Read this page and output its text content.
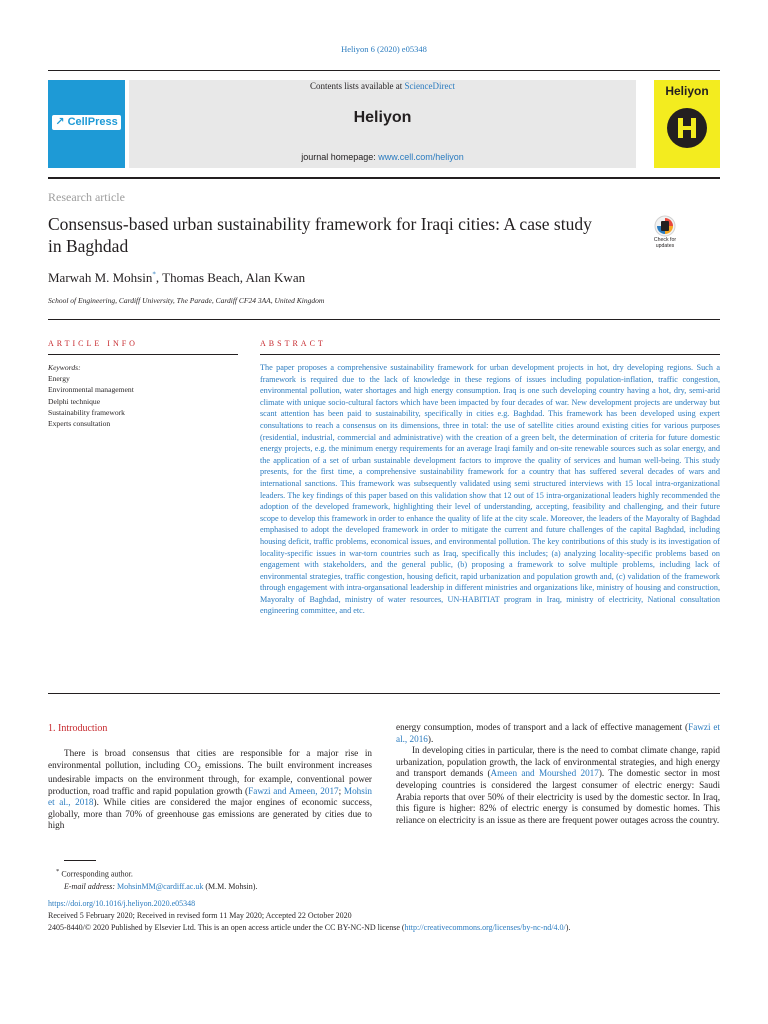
Heliyon 6 (2020) e05348
↗ CellPress
Contents lists available at ScienceDirect
Heliyon
journal homepage: www.cell.com/heliyon
Heliyon
Research article
Consensus-based urban sustainability framework for Iraqi cities: A case study in Baghdad	Check for updates
Marwah M. Mohsin*, Thomas Beach, Alan Kwan
School of Engineering, Cardiff University, The Parade, Cardiff CF24 3AA, United Kingdom
ARTICLE INFO	ABSTRACT
Keywords:
Energy
Environmental management
Delphi technique
Sustainability framework
Experts consultation
The paper proposes a comprehensive sustainability framework for urban development projects in hot, dry developing regions. Such a framework is required due to the lack of knowledge in these regions of issues including population-inflation, traffic congestion, environmental pollution, water shortages and high energy consumption. Iraq is one such developing country having a hot, dry, semi-arid climate with unique socio-cultural factors which have been impacted by four decades of war. New development projects are underway but scant attention has been paid to sustainability, specifically in cities e.g. Baghdad. This framework has been developed using expert consultations to reach a consensus on its dimensions, three in total: the use of satellite cities around existing cities for various purposes (residential, industrial, commercial and administrative) with the creation of a green belt, the determination of criteria for future domestic energy projects, e.g. the minimum energy requirements for an average Iraqi family and on-site renewable sources such as solar energy, and the application of a set of urban sustainable development factors to improve the quality of services and human well-being. This study presents, for the first time, a comprehensive sustainability framework for a country that has suffered several decades of wars and international sanctions. This framework was subsequently validated using semi structured interviews with 15 local intra-organizational leaders. The key findings of this paper based on this validation show that 12 out of 15 intra-organizational leaders highly recommended the adoption of the developed framework, highlighting their level of understanding, accepting, feasibility and challenging, and their future scope to develop this framework in order to enhance the quality of life at the city scale. Moreover, the leaders of the Mayoralty of Baghdad emphasised to adopt the developed framework in order to mitigate the current and future challenges of the capital Baghdad, including housing deficit, traffic problems, economical issues, and environmental pollution. The key contributions of this study is its investigation of locality-specific issues in war-torn countries such as Iraq, specifically this includes; (a) analyzing locality-specific problems based on engagement with stakeholders, and the general public, (b) proposing a framework to solve multiple problems, including lack of environmental strategies, traffic congestion, housing deficit, rapid urbanization and population growth and, (c) validation of the framework through engagement with intra-organsational leadership in different ministries and organizations like, ministry of housing and construction, Mayoralty of Baghdad, ministry of water resources, UN-HABITIAT program in Iraq, ministry of electricity, National consultation engineering committee, and etc.
1. Introduction

There is broad consensus that cities are responsible for a major rise in environmental pollution, including $CO_2$ emissions. The built environment increases undesirable impacts on the environment through, for example, conventional power production, road traffic and rapid population growth (Fawzi and Ameen, 2017; Mohsin et al., 2018). While cities are considered the major engines of economic success, globally, more than 70% of greenhouse gas emissions are generated by cities due to high

energy consumption, modes of transport and a lack of effective management (Fawzi et al., 2016).

In developing cities in particular, there is the need to combat climate change, rapid urbanization, population growth, the lack of environmental strategies, and high energy and transport demands (Ameen and Mourshed 2017). The domestic sector in most developing countries is considered the largest consumer of electric energy: Saudi Arabia reports that over 50% of their electricity is used by the domestic sector. In Iraq, this figure is higher: 82% of electric energy is consumed by domestic homes. This reliance on electricity is an issue as there are frequent power outages across the country.

* Corresponding author.
E-mail address: MohsinMM@cardiff.ac.uk (M.M. Mohsin).
https://doi.org/10.1016/j.heliyon.2020.e05348
Received 5 February 2020; Received in revised form 11 May 2020; Accepted 22 October 2020
2405-8440/© 2020 Published by Elsevier Ltd. This is an open access article under the CC BY-NC-ND license (http://creativecommons.org/licenses/by-nc-nd/4.0/).
